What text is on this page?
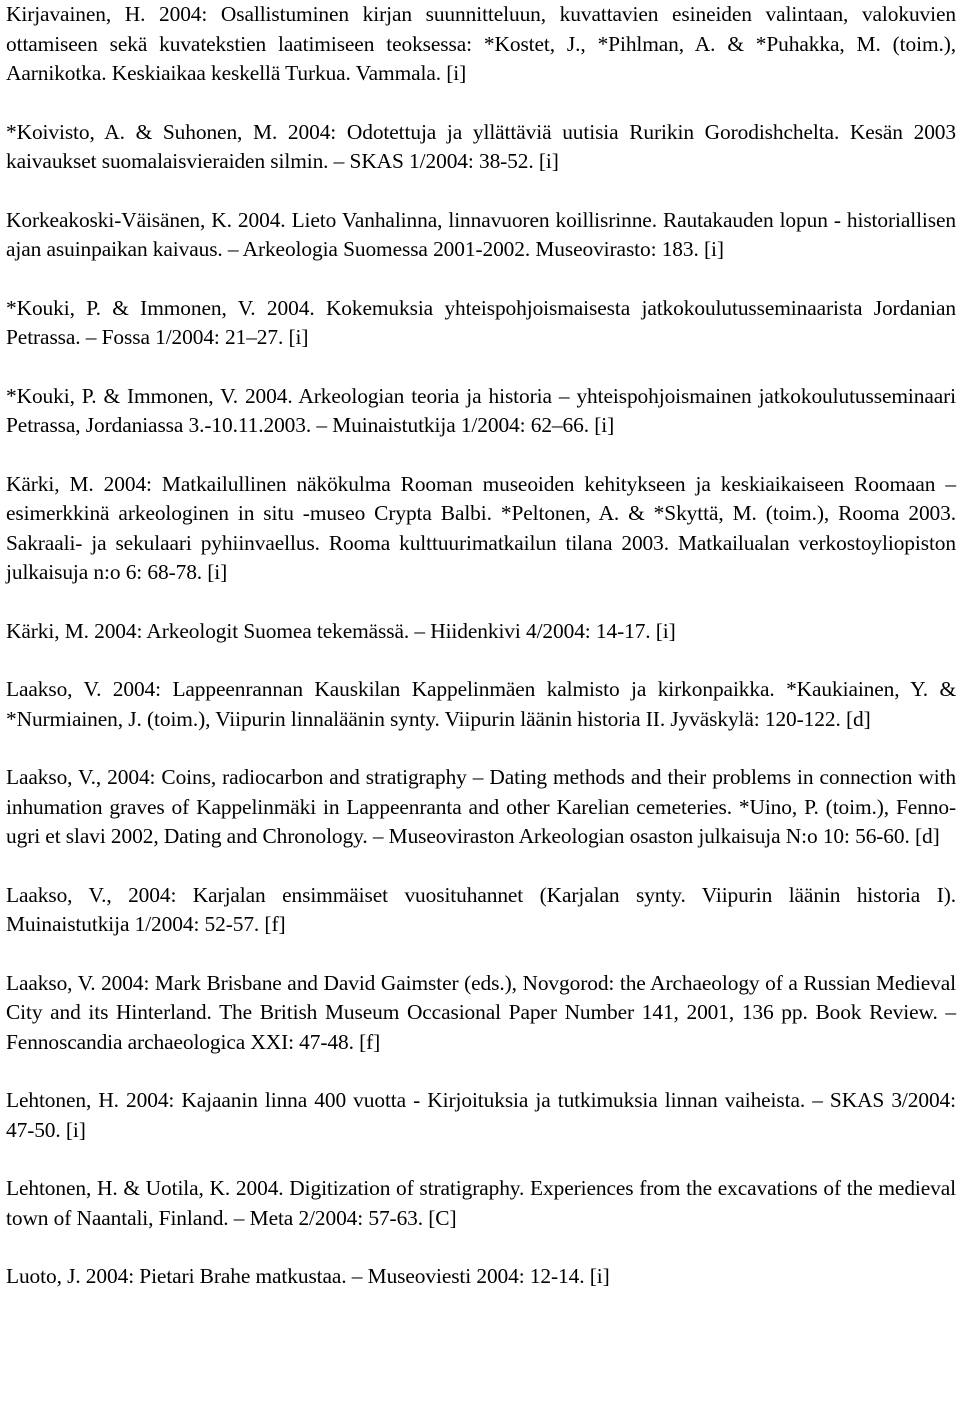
Kirjavainen, H. 2004: Osallistuminen kirjan suunnitteluun, kuvattavien esineiden valintaan, valokuvien ottamiseen sekä kuvatekstien laatimiseen teoksessa: *Kostet, J., *Pihlman, A. & *Puhakka, M. (toim.), Aarnikotka. Keskiaikaa keskellä Turkua. Vammala. [i]

*Koivisto, A. & Suhonen, M. 2004: Odotettuja ja yllättäviä uutisia Rurikin Gorodishchelta. Kesän 2003 kaivaukset suomalaisvieraiden silmin. – SKAS 1/2004: 38-52. [i]

Korkeakoski-Väisänen, K. 2004. Lieto Vanhalinna, linnavuoren koillisrinne. Rautakauden lopun - historiallisen ajan asuinpaikan kaivaus. – Arkeologia Suomessa 2001-2002. Museovirasto: 183. [i]

*Kouki, P. & Immonen, V. 2004. Kokemuksia yhteispohjoismaisesta jatkokoulutusseminaarista Jordanian Petrassa. – Fossa 1/2004: 21–27. [i]

*Kouki, P. & Immonen, V. 2004. Arkeologian teoria ja historia – yhteispohjoismainen jatkokoulutusseminaari Petrassa, Jordaniassa 3.-10.11.2003. – Muinaistutkija 1/2004: 62–66. [i]

Kärki, M. 2004: Matkailullinen näkökulma Rooman museoiden kehitykseen ja keskiaikaiseen Roomaan – esimerkkinä arkeologinen in situ -museo Crypta Balbi. *Peltonen, A. & *Skyttä, M. (toim.), Rooma 2003. Sakraali- ja sekulaari pyhiinvaellus. Rooma kulttuurimatkailun tilana 2003. Matkailualan verkostoyliopiston julkaisuja n:o 6: 68-78. [i]

Kärki, M. 2004: Arkeologit Suomea tekemässä. – Hiidenkivi 4/2004: 14-17. [i]

Laakso, V. 2004: Lappeenrannan Kauskilan Kappelinmäen kalmisto ja kirkonpaikka. *Kaukiainen, Y. & *Nurmiainen, J. (toim.), Viipurin linnaläänin synty. Viipurin läänin historia II. Jyväskylä: 120-122. [d]

Laakso, V., 2004: Coins, radiocarbon and stratigraphy – Dating methods and their problems in connection with inhumation graves of Kappelinmäki in Lappeenranta and other Karelian cemeteries. *Uino, P. (toim.), Fenno-ugri et slavi 2002, Dating and Chronology. – Museoviraston Arkeologian osaston julkaisuja N:o 10: 56-60. [d]

Laakso, V., 2004: Karjalan ensimmäiset vuosituhannet (Karjalan synty. Viipurin läänin historia I). Muinaistutkija 1/2004: 52-57. [f]

Laakso, V. 2004: Mark Brisbane and David Gaimster (eds.), Novgorod: the Archaeology of a Russian Medieval City and its Hinterland. The British Museum Occasional Paper Number 141, 2001, 136 pp. Book Review. – Fennoscandia archaeologica XXI: 47-48. [f]

Lehtonen, H. 2004: Kajaanin linna 400 vuotta - Kirjoituksia ja tutkimuksia linnan vaiheista. – SKAS 3/2004: 47-50. [i]

Lehtonen, H. & Uotila, K. 2004. Digitization of stratigraphy. Experiences from the excavations of the medieval town of Naantali, Finland. – Meta 2/2004: 57-63. [C]

Luoto, J. 2004: Pietari Brahe matkustaa. – Museoviesti 2004: 12-14. [i]
